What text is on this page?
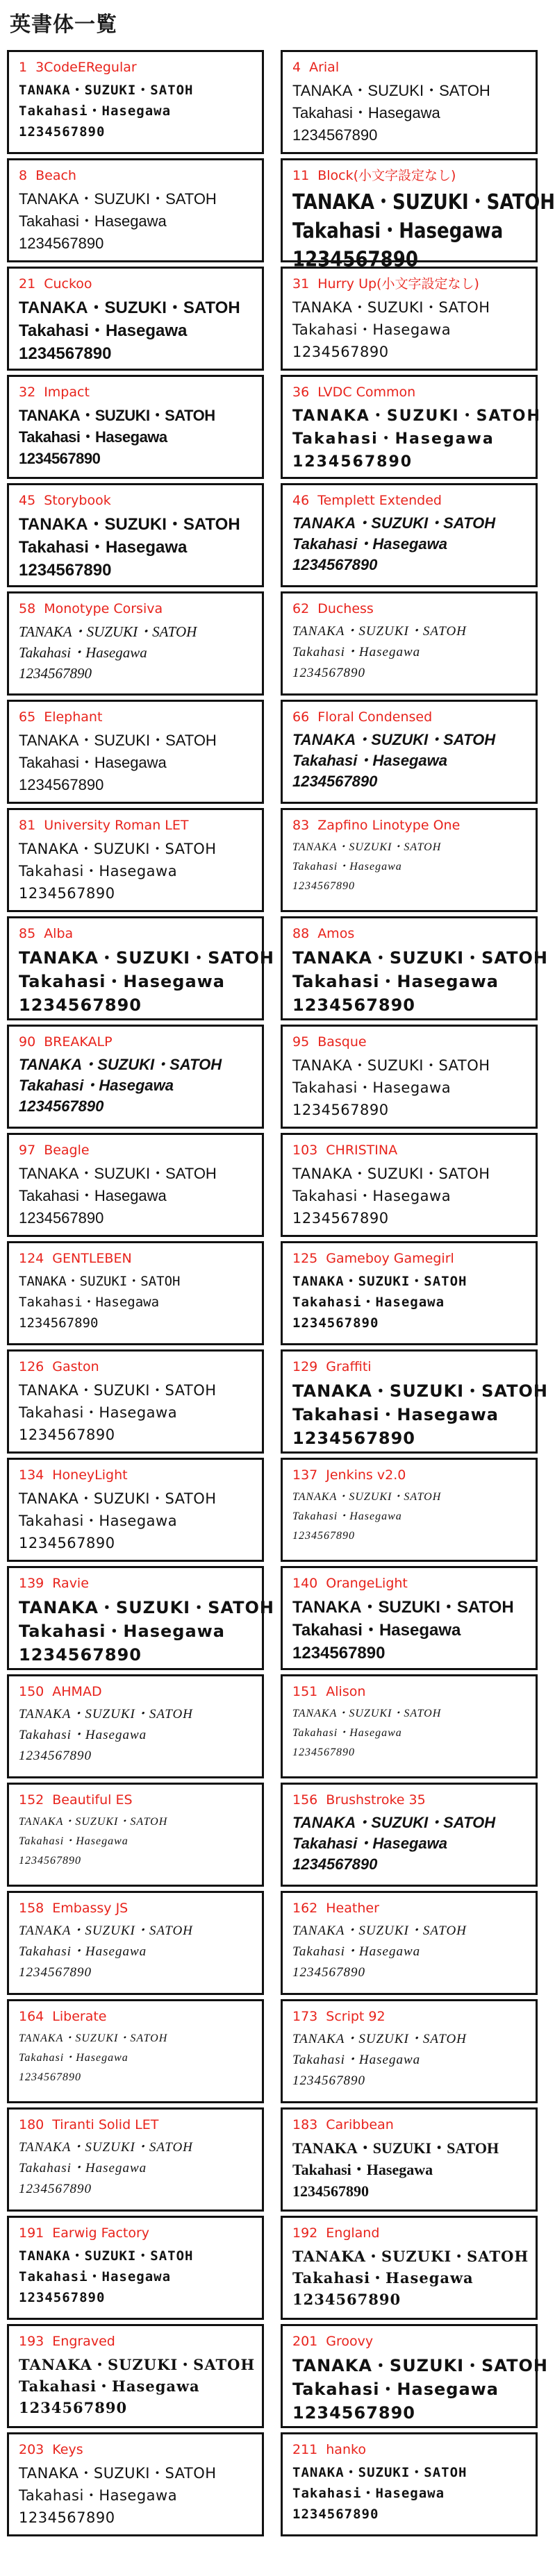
英書体一覧
1 3CodeERegular
TANAKA・SUZUKI・SATOH
Takahasi・Hasegawa
1234567890
4 Arial
TANAKA・SUZUKI・SATOH
Takahasi・Hasegawa
1234567890
8 Beach
TANAKA・SUZUKI・SATOH
Takahasi・Hasegawa
1234567890
11 Block(小文字設定なし)
TANAKA・SUZUKI・SATOH
Takahasi・Hasegawa
1234567890
21 Cuckoo
TANAKA・SUZUKI・SATOH
Takahasi・Hasegawa
1234567890
31 Hurry Up(小文字設定なし)
TANAKA・SUZUKI・SATOH
Takahasi・Hasegawa
1234567890
32 Impact
TANAKA・SUZUKI・SATOH
Takahasi・Hasegawa
1234567890
36 LVDC Common
TANAKA・SUZUKI・SATOH
Takahasi・Hasegawa
1234567890
45 Storybook
TANAKA・SUZUKI・SATOH
Takahasi・Hasegawa
1234567890
46 Templett Extended
TANAKA・SUZUKI・SATOH
Takahasi・Hasegawa
1234567890
58 Monotype Corsiva
TANAKA・SUZUKI・SATOH
Takahasi・Hasegawa
1234567890
62 Duchess
TANAKA・SUZUKI・SATOH
Takahasi・Hasegawa
1234567890
65 Elephant
TANAKA・SUZUKI・SATOH
Takahasi・Hasegawa
1234567890
66 Floral Condensed
TANAKA・SUZUKI・SATOH
Takahasi・Hasegawa
1234567890
81 University Roman LET
TANAKA・SUZUKI・SATOH
Takahasi・Hasegawa
1234567890
83 Zapfino Linotype One
TANAKA・SUZUKI・SATOH
Takahasi・Hasegawa
1234567890
85 Alba
TANAKA・SUZUKI・SATOH
Takahasi・Hasegawa
1234567890
88 Amos
TANAKA・SUZUKI・SATOH
Takahasi・Hasegawa
1234567890
90 BREAKALP
TANAKA・SUZUKI・SATOH
Takahasi・Hasegawa
1234567890
95 Basque
TANAKA・SUZUKI・SATOH
Takahasi・Hasegawa
1234567890
97 Beagle
TANAKA・SUZUKI・SATOH
Takahasi・Hasegawa
1234567890
103 CHRISTINA
TANAKA・SUZUKI・SATOH
Takahasi・Hasegawa
1234567890
124 GENTLEBEN
TANAKA・SUZUKI・SATOH
Takahasi・Hasegawa
1234567890
125 Gameboy Gamegirl
TANAKA・SUZUKI・SATOH
Takahasi・Hasegawa
1234567890
126 Gaston
TANAKA・SUZUKI・SATOH
Takahasi・Hasegawa
1234567890
129 Graffiti
TANAKA・SUZUKI・SATOH
Takahasi・Hasegawa
1234567890
134 HoneyLight
TANAKA・SUZUKI・SATOH
Takahasi・Hasegawa
1234567890
137 Jenkins v2.0
TANAKA・SUZUKI・SATOH
Takahasi・Hasegawa
1234567890
139 Ravie
TANAKA・SUZUKI・SATOH
Takahasi・Hasegawa
1234567890
140 OrangeLight
TANAKA・SUZUKI・SATOH
Takahasi・Hasegawa
1234567890
150 AHMAD
TANAKA・SUZUKI・SATOH
Takahasi・Hasegawa
1234567890
151 Alison
TANAKA・SUZUKI・SATOH
Takahasi・Hasegawa
1234567890
152 Beautiful ES
TANAKA・SUZUKI・SATOH
Takahasi・Hasegawa
1234567890
156 Brushstroke 35
TANAKA・SUZUKI・SATOH
Takahasi・Hasegawa
1234567890
158 Embassy JS
TANAKA・SUZUKI・SATOH
Takahasi・Hasegawa
1234567890
162 Heather
TANAKA・SUZUKI・SATOH
Takahasi・Hasegawa
1234567890
164 Liberate
TANAKA・SUZUKI・SATOH
Takahasi・Hasegawa
1234567890
173 Script 92
TANAKA・SUZUKI・SATOH
Takahasi・Hasegawa
1234567890
180 Tiranti Solid LET
TANAKA・SUZUKI・SATOH
Takahasi・Hasegawa
1234567890
183 Caribbean
TANAKA・SUZUKI・SATOH
Takahasi・Hasegawa
1234567890
191 Earwig Factory
TANAKA・SUZUKI・SATOH
Takahasi・Hasegawa
1234567890
192 England
TANAKA・SUZUKI・SATOH
Takahasi・Hasegawa
1234567890
193 Engraved
TANAKA・SUZUKI・SATOH
Takahasi・Hasegawa
1234567890
201 Groovy
TANAKA・SUZUKI・SATOH
Takahasi・Hasegawa
1234567890
203 Keys
TANAKA・SUZUKI・SATOH
Takahasi・Hasegawa
1234567890
211 hanko
TANAKA・SUZUKI・SATOH
Takahasi・Hasegawa
1234567890
